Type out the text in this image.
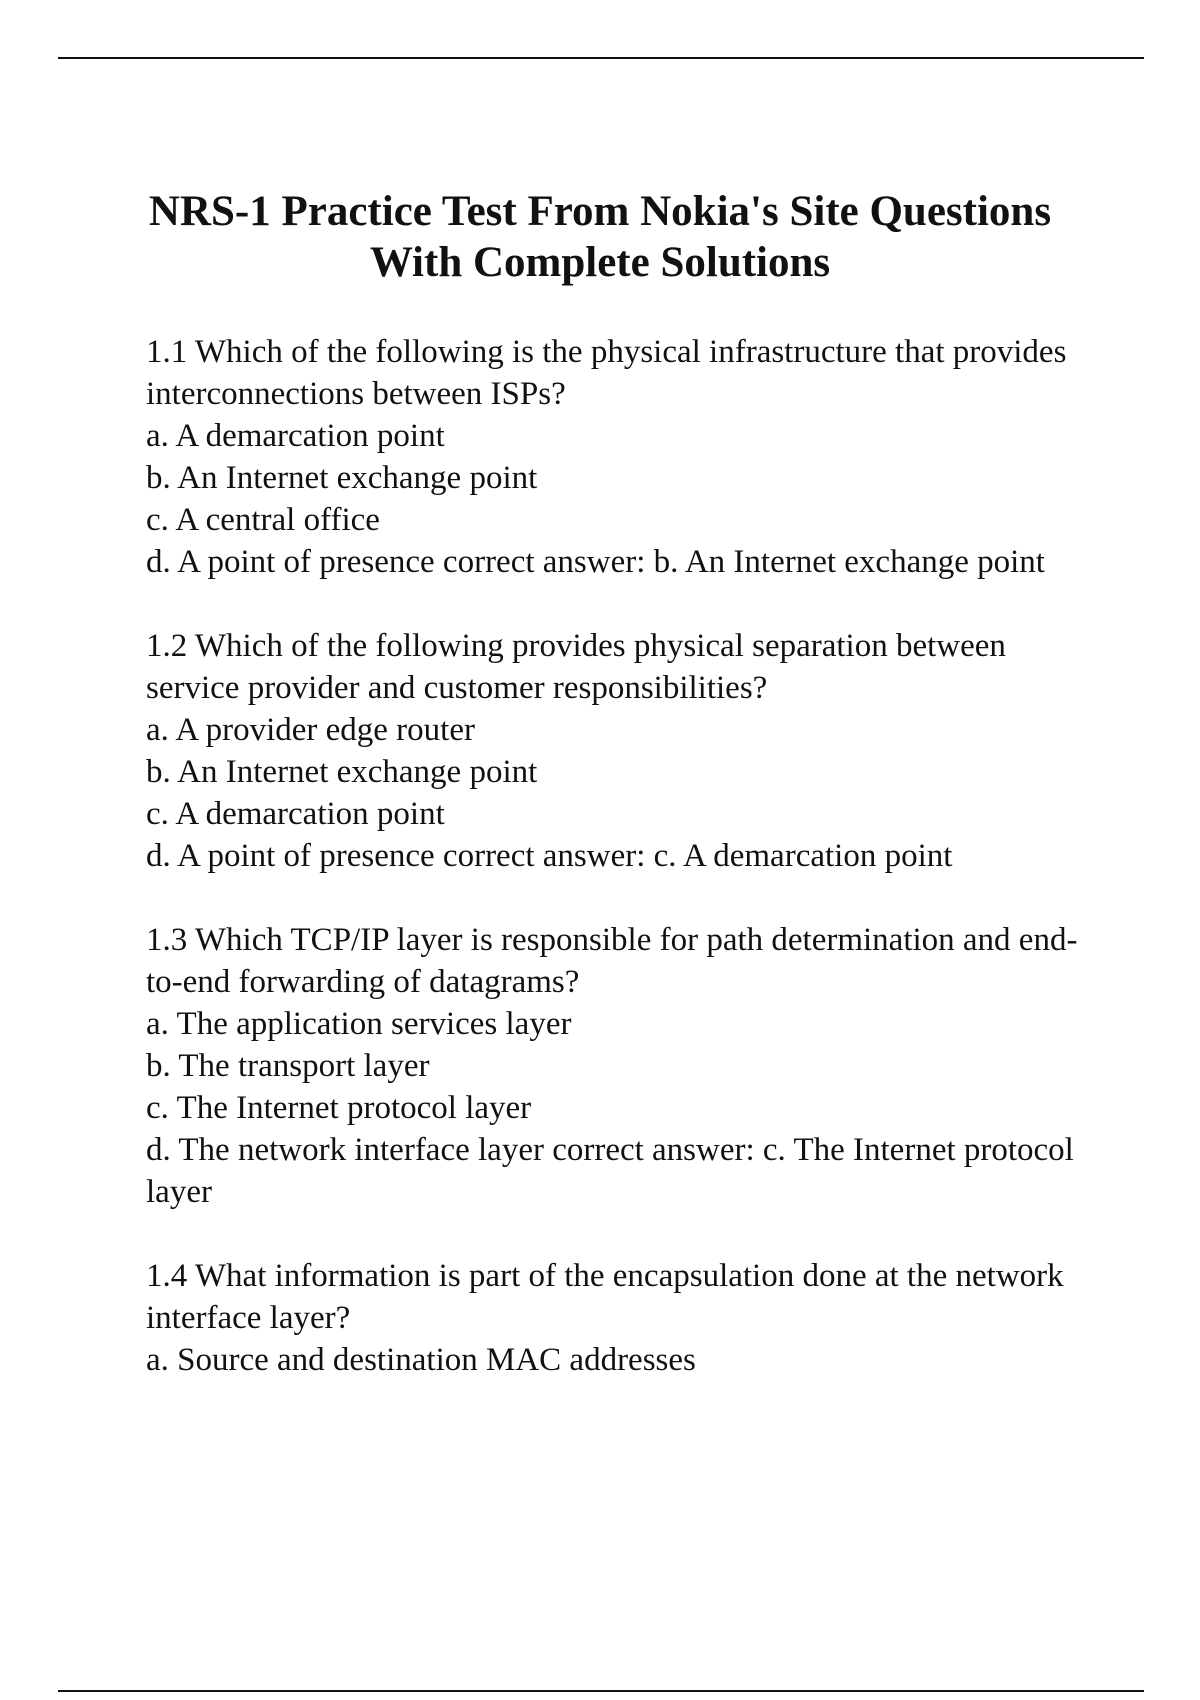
NRS-1 Practice Test From Nokia's Site Questions
With Complete Solutions

1.1 Which of the following is the physical infrastructure that provides interconnections between ISPs?

a. A demarcation point

b. An Internet exchange point

c. A central office

d. A point of presence correct answer: b. An Internet exchange point

1.2 Which of the following provides physical separation between service provider and customer responsibilities?

a. A provider edge router

b. An Internet exchange point

c. A demarcation point

d. A point of presence correct answer: c. A demarcation point

1.3 Which TCP/IP layer is responsible for path determination and end-to-end forwarding of datagrams?

a. The application services layer

b. The transport layer

c. The Internet protocol layer

d. The network interface layer correct answer: c. The Internet protocol layer

1.4 What information is part of the encapsulation done at the network interface layer?

a. Source and destination MAC addresses
